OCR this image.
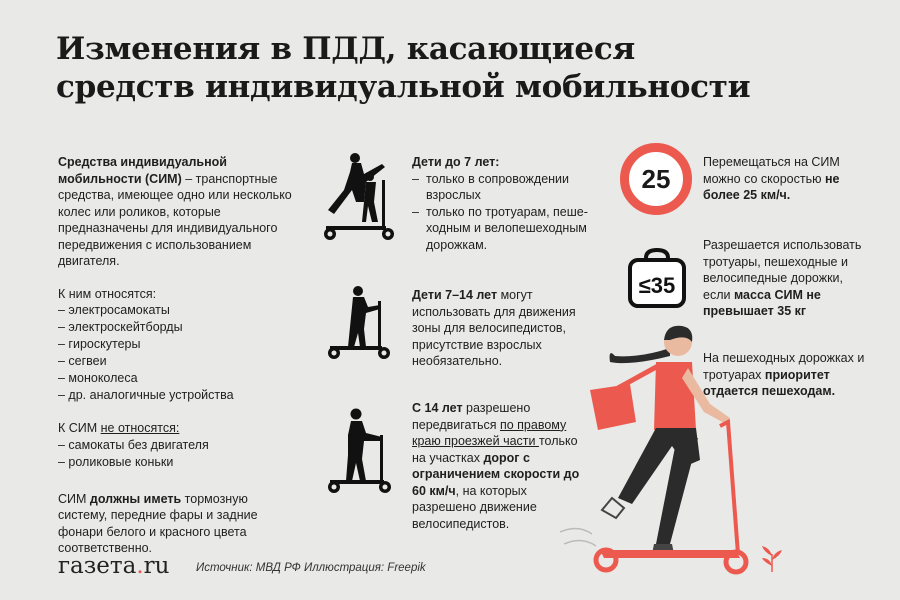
Изменения в ПДД, касающиеся
средств индивидуальной мобильности

Средства индивидуальной мобильности (СИМ) – транспортные средства, имеющее одно или несколько колес или роликов, которые предназначены для индивидуального передвижения с использованием двигателя.

К ним относятся:
– электросамокаты
– электроскейтборды
– гироскутеры
– сегвеи
– моноколеса
– др. аналогичные устройства

К СИМ не относятся:
– самокаты без двигателя
– роликовые коньки

СИМ должны иметь тормозную систему, передние фары и задние фонари белого и красного цвета соответственно.

Дети до 7 лет:
– только в сопровождении взрослых
– только по тротуарам, пеше-ходным и велопешеходным дорожкам.
Дети 7–14 лет могут использовать для движения зоны для велосипедистов, присутствие взрослых необязательно.
С 14 лет разрешено передвигаться по правому краю проезжей части только на участках дорог с ограничением скорости до 60 км/ч, на которых разрешено движение велосипедистов.
25
Перемещаться на СИМ можно со скоростью не более 25 км/ч.
≤35
Разрешается использовать тротуары, пешеходные и велосипедные дорожки, если масса СИМ не превышает 35 кг
На пешеходных дорожках и тротуарах приоритет отдается пешеходам.
газета.ru Источник: МВД РФ Иллюстрация: Freepik
